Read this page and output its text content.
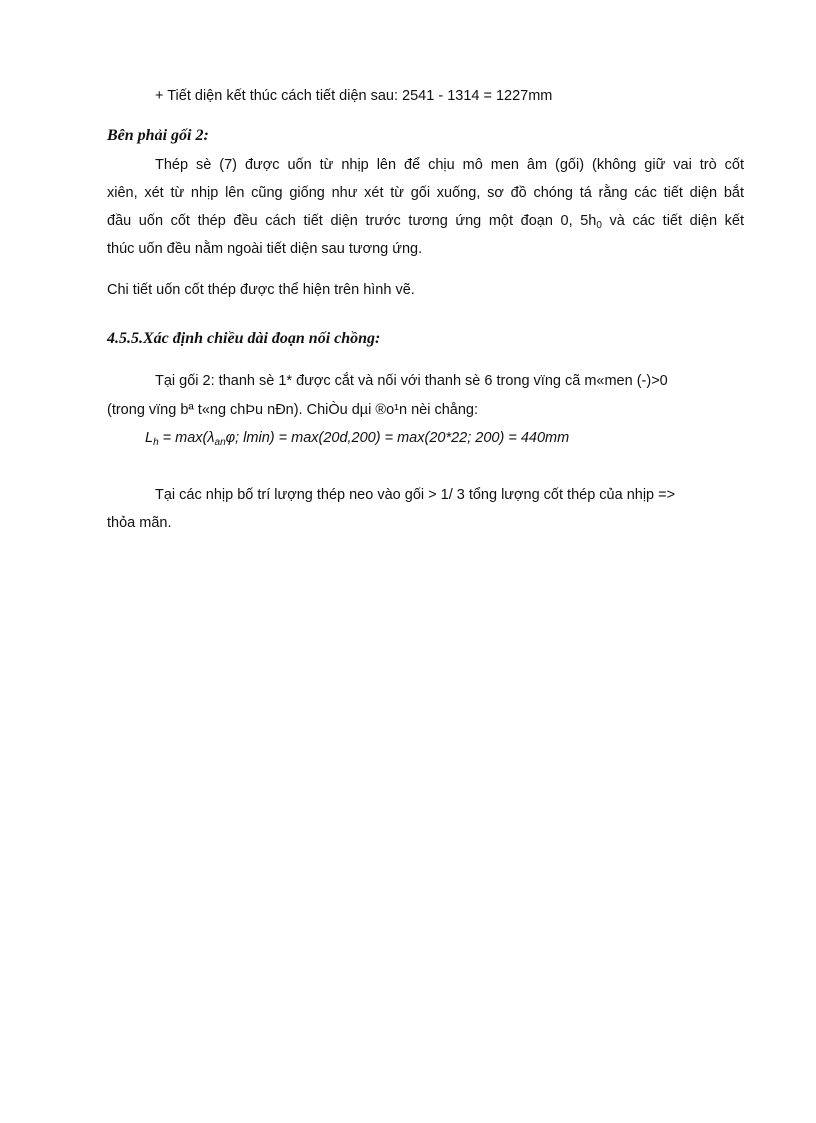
+ Tiết diện kết thúc cách tiết diện sau: 2541 - 1314 = 1227mm
Bên phải gối 2:
Thép sè (7) được uốn từ nhịp lên để chịu mô men âm (gối) (không giữ vai trò cốt
xiên, xét từ nhịp lên cũng giống như xét từ gối xuống, sơ đồ chóng tá rằng các tiết diện bắt
đầu uốn cốt thép đều cách tiết diện trước tương ứng một đoạn 0, $5h_0$ và các tiết diện kết
thúc uốn đều nằm ngoài tiết diện sau tương ứng.
Chi tiết uốn cốt thép được thể hiện trên hình vẽ.
4.5.5.Xác định chiều dài đoạn nối chồng:
Tại gối 2: thanh sè 1* được cắt và nối với thanh sè 6 trong vïng cã m«men (-)>0
(trong vïng bª t«ng chÞu nÐn). ChiÒu dµi ®o¹n nèi chång:
$L_h = \max(\lambda_{an}\varphi$; lmin) = max(20d,200) = max(20*22; 200) = 440mm
Tại các nhịp bố trí lượng thép neo vào gối > 1/ 3 tổng lượng cốt thép của nhịp =>
thỏa mãn.
